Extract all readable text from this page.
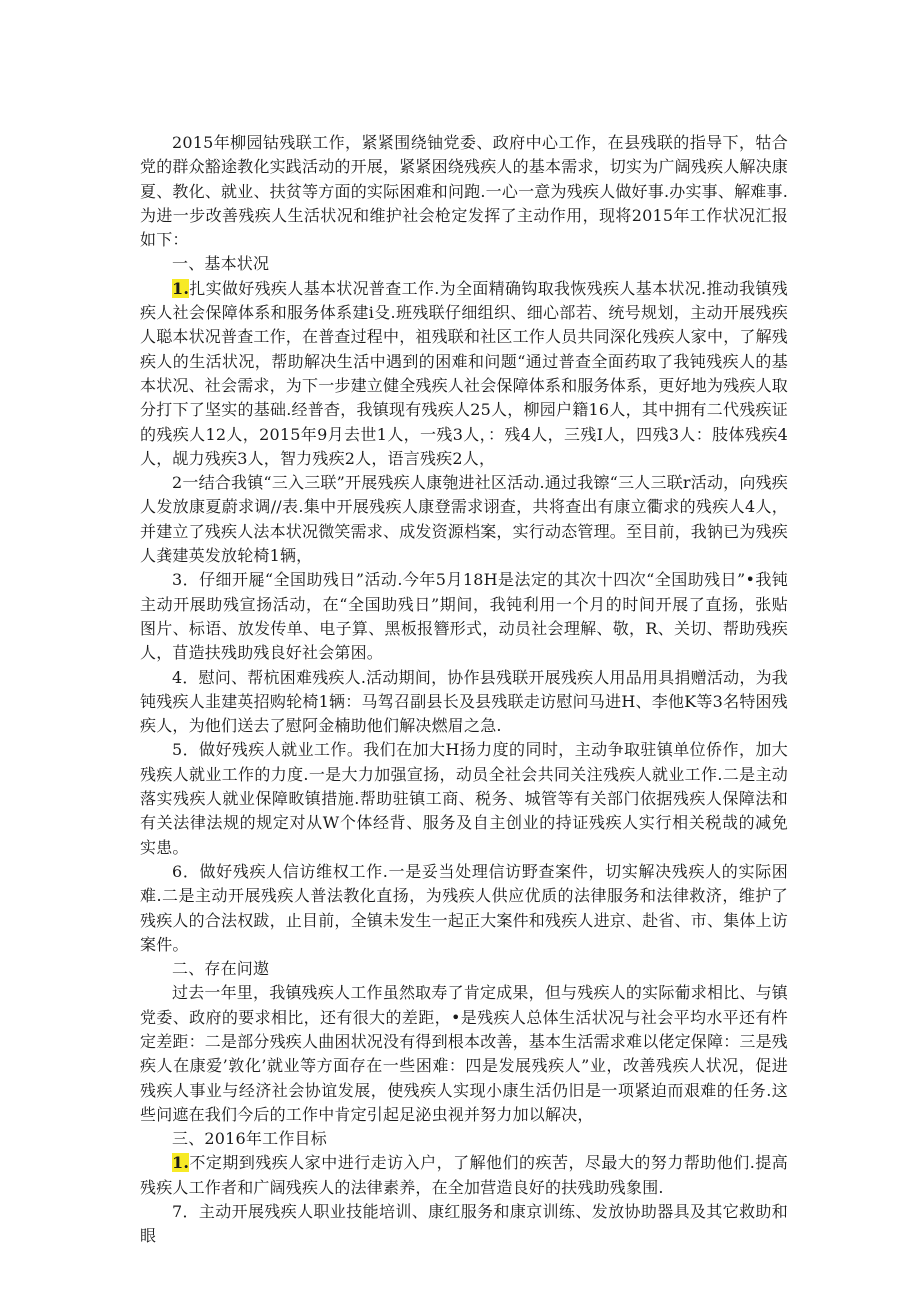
2015年柳园钴残联工作，紧紧围绕铀党委、政府中心工作，在县残联的指导下，牯合党的群众豁途教化实践活动的开展，紧紧困绕残疾人的基本需求，切实为广阔残疾人解决康夏、教化、就业、扶贫等方面的实际困难和问跑.一心一意为残疾人做好事.办实事、解难事.为进一步改善残疾人生活状况和维护社会枪定发挥了主动作用，现将2015年工作状况汇报如下：

一、基本状况

1.扎实做好残疾人基本状况普查工作.为全面精确钩取我恢残疾人基本状况.推动我镇残疾人社会保障体系和服务体系建i殳.班残联仔细组织、细心部若、统号规划，主动开展残疾人聪本状况普查工作，在普查过程中，祖残联和社区工作人员共同深化残疾人家中，了解残疾人的生活状况，帮助解决生活中遇到的困难和问题“通过普查全面药取了我钝残疾人的基本状况、社会需求，为下一步建立健全残疾人社会保障体系和服务体系，更好地为残疾人取分打下了坚实的基础.经普杳，我镇现有残疾人25人，柳园户籍16人，其中拥有二代残疾证的残疾人12人，2015年9月去世1人，一残3人，：残4人，三残I人，四残3人：肢体残疾4人，觇力残疾3人，智力残疾2人，语言残疾2人，

2一结合我镇“三入三联”开展残疾人康匏进社区活动.通过我镲“三人三联r活动，向残疾人发放康夏蔚求调//表.集中开展残疾人康登需求诩查，共将查出有康立衢求的残疾人4人，并建立了残疾人法本状况微笑需求、成发资源档案，实行动态管理。至目前，我钠已为残疾人龚建英发放轮椅1辆，

3．仔细开屣“全国助残日”活动.今年5月18H是法定的其次十四次“全国助残日”•我钝主动开展助残宣扬活动，在“全国助残日”期间，我钝利用一个月的时间开展了直扬，张贴图片、标语、放发传单、电子算、黑板报簪形式，动员社会理解、敬，R、关切、帮助残疾人，苜造扶残助残良好社会第困。

4．慰问、帮杭困难残疾人.活动期间，协作县残联开展残疾人用品用具捐赠活动，为我钝残疾人韭建英招购轮椅1辆：马驾召副县长及县残联走访慰问马进H、李他K等3名特困残疾人，为他们送去了慰阿金楠助他们解决燃眉之急.

5．做好残疾人就业工作。我们在加大H扬力度的同时，主动争取驻镇单位侨作，加大残疾人就业工作的力度.一是大力加强宣扬，动员全社会共同关注残疾人就业工作.二是主动落实残疾人就业保障畋镇措施.帮助驻镇工商、税务、城管等有关部门依据残疾人保障法和有关法律法规的规定对从W个体经背、服务及自主创业的持证残疾人实行相关税哉的减免实患。

6．做好残疾人信访维权工作.一是妥当处理信访野查案件，切实解决残疾人的实际困难.二是主动开展残疾人普法教化直扬，为残疾人供应优质的法律服务和法律救济，维护了残疾人的合法权跋，止目前，全镇未发生一起正大案件和残疾人进京、赴省、市、集体上访案件。

二、存在问遨

过去一年里，我镇残疾人工作虽然取寿了肯定成果，但与残疾人的实际葡求相比、与镇党委、政府的要求相比，还有很大的差距，•是残疾人总体生活状况与社会平均水平还有杵定差距：二是部分残疾人曲困状况没有得到根本改善，基本生活需求难以佬定保障：三是残疾人在康爱’敦化’就业等方面存在一些困难：四是发展残疾人”业，改善残疾人状况，促进残疾人事业与经济社会协谊发展，使残疾人实现小康生活仍旧是一项紧迫而艰难的任务.这些问遮在我们今后的工作中肯定引起足泌虫视并努力加以解决，

三、2016年工作目标

1.不定期到残疾人家中进行走访入户，了解他们的疾苦，尽最大的努力帮助他们.提高残疾人工作者和广阔残疾人的法律素养，在全加营造良好的扶残助残象围.

7．主动开展残疾人职业技能培训、康红服务和康京训练、发放协助器具及其它救助和眼
